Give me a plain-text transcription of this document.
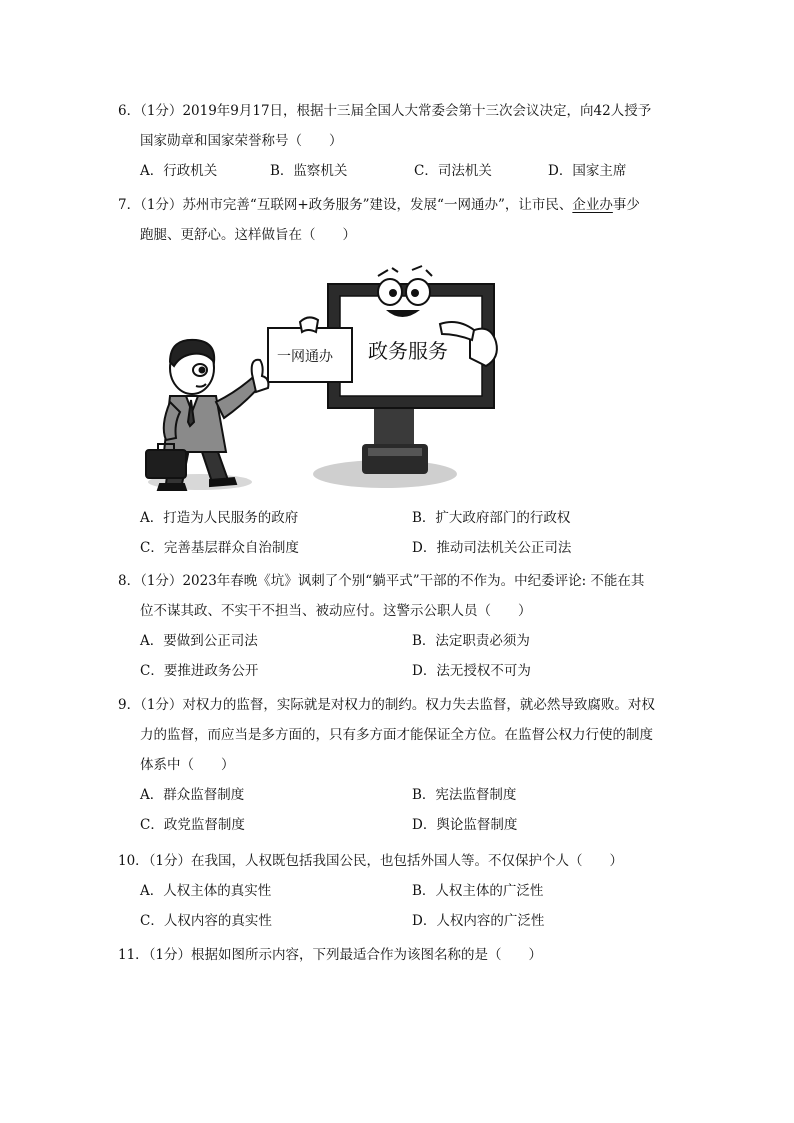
6．（1分）2019年9月17日，根据十三届全国人大常委会第十三次会议决定，向42人授予
国家勋章和国家荣誉称号（　　）
A．行政机关	B．监察机关	C．司法机关	D．国家主席
7．（1分）苏州市完善“互联网+政务服务”建设，发展“一网通办”，让市民、企业办事少
跑腿、更舒心。这样做旨在（　　）
政务服务
一网通办
A．打造为人民服务的政府	B．扩大政府部门的行政权
C．完善基层群众自治制度	D．推动司法机关公正司法
8．（1分）2023年春晚《坑》讽刺了个别“躺平式”干部的不作为。中纪委评论: 不能在其
位不谋其政、不实干不担当、被动应付。这警示公职人员（　　）
A．要做到公正司法	B．法定职责必须为
C．要推进政务公开	D．法无授权不可为
9．（1分）对权力的监督，实际就是对权力的制约。权力失去监督，就必然导致腐败。对权
力的监督，而应当是多方面的，只有多方面才能保证全方位。在监督公权力行使的制度
体系中（　　）
A．群众监督制度	B．宪法监督制度
C．政党监督制度	D．舆论监督制度
10．（1分）在我国，人权既包括我国公民，也包括外国人等。不仅保护个人（　　）
A．人权主体的真实性	B．人权主体的广泛性
C．人权内容的真实性	D．人权内容的广泛性
11．（1分）根据如图所示内容，下列最适合作为该图名称的是（　　）
